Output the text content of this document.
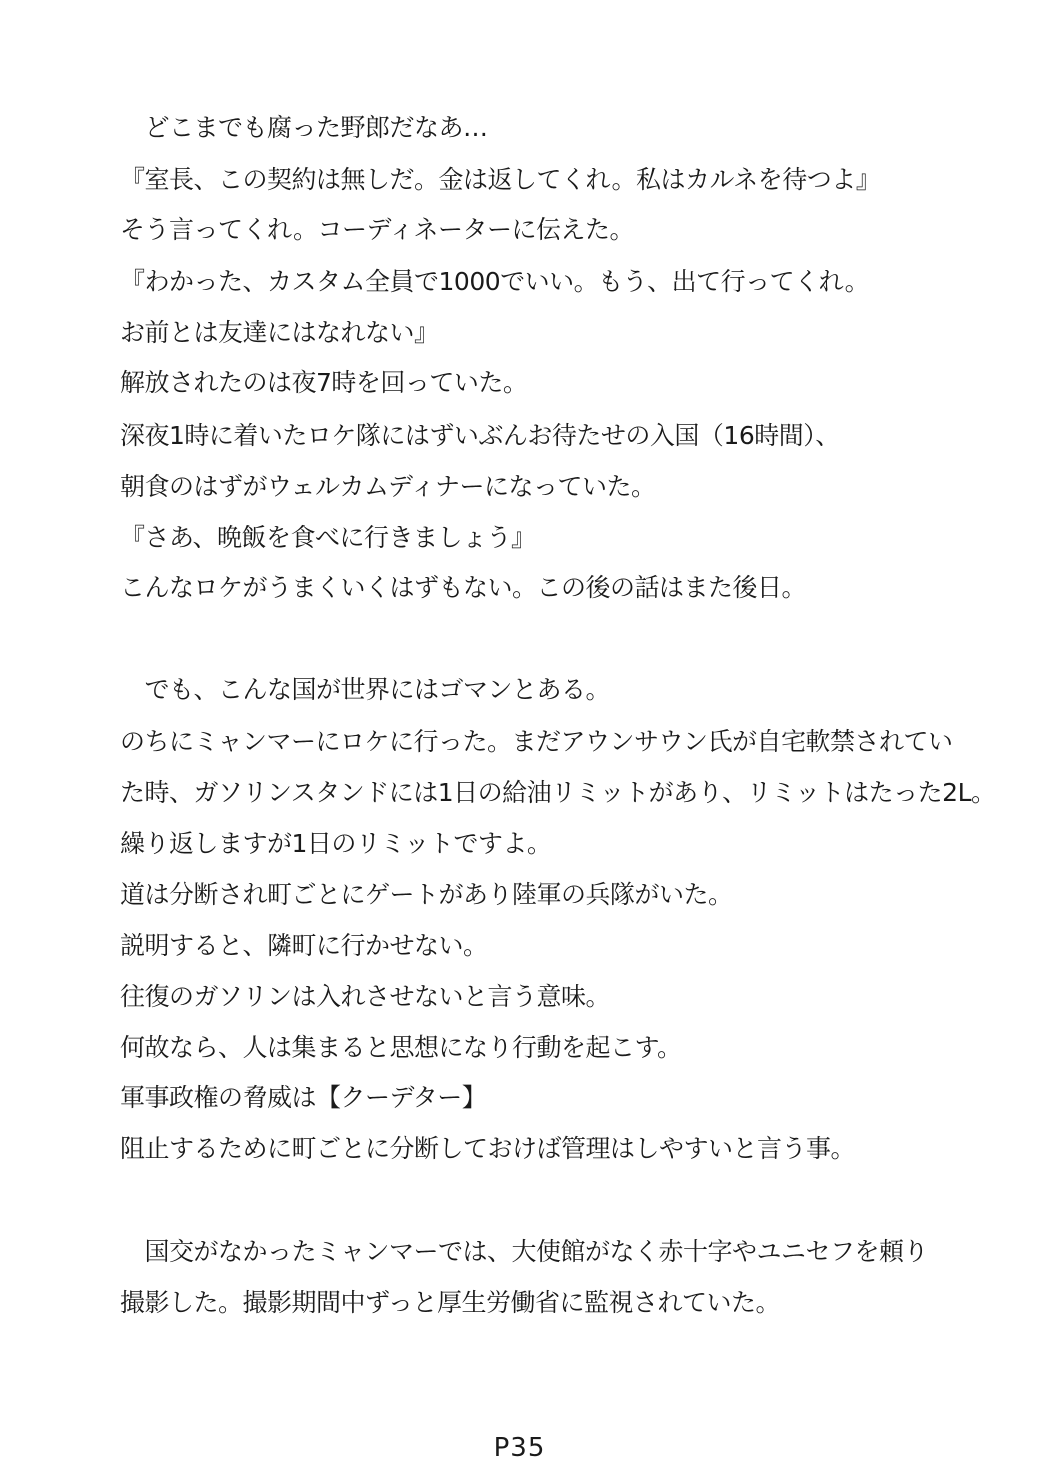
　どこまでも腐った野郎だなあ…
『室長、この契約は無しだ。金は返してくれ。私はカルネを待つよ』
そう言ってくれ。コーディネーターに伝えた。
『わかった、カスタム全員で1000でいい。もう、出て行ってくれ。
お前とは友達にはなれない』
解放されたのは夜7時を回っていた。
深夜1時に着いたロケ隊にはずいぶんお待たせの入国（16時間）、
朝食のはずがウェルカムディナーになっていた。
『さあ、晩飯を食べに行きましょう』
こんなロケがうまくいくはずもない。この後の話はまた後日。
　でも、こんな国が世界にはゴマンとある。
のちにミャンマーにロケに行った。まだアウンサウン氏が自宅軟禁されてい
た時、ガソリンスタンドには1日の給油リミットがあり、リミットはたった2L。
繰り返しますが1日のリミットですよ。
道は分断され町ごとにゲートがあり陸軍の兵隊がいた。
説明すると、隣町に行かせない。
往復のガソリンは入れさせないと言う意味。
何故なら、人は集まると思想になり行動を起こす。
軍事政権の脅威は【クーデター】
阻止するために町ごとに分断しておけば管理はしやすいと言う事。
　国交がなかったミャンマーでは、大使館がなく赤十字やユニセフを頼り
撮影した。撮影期間中ずっと厚生労働省に監視されていた。
P35
